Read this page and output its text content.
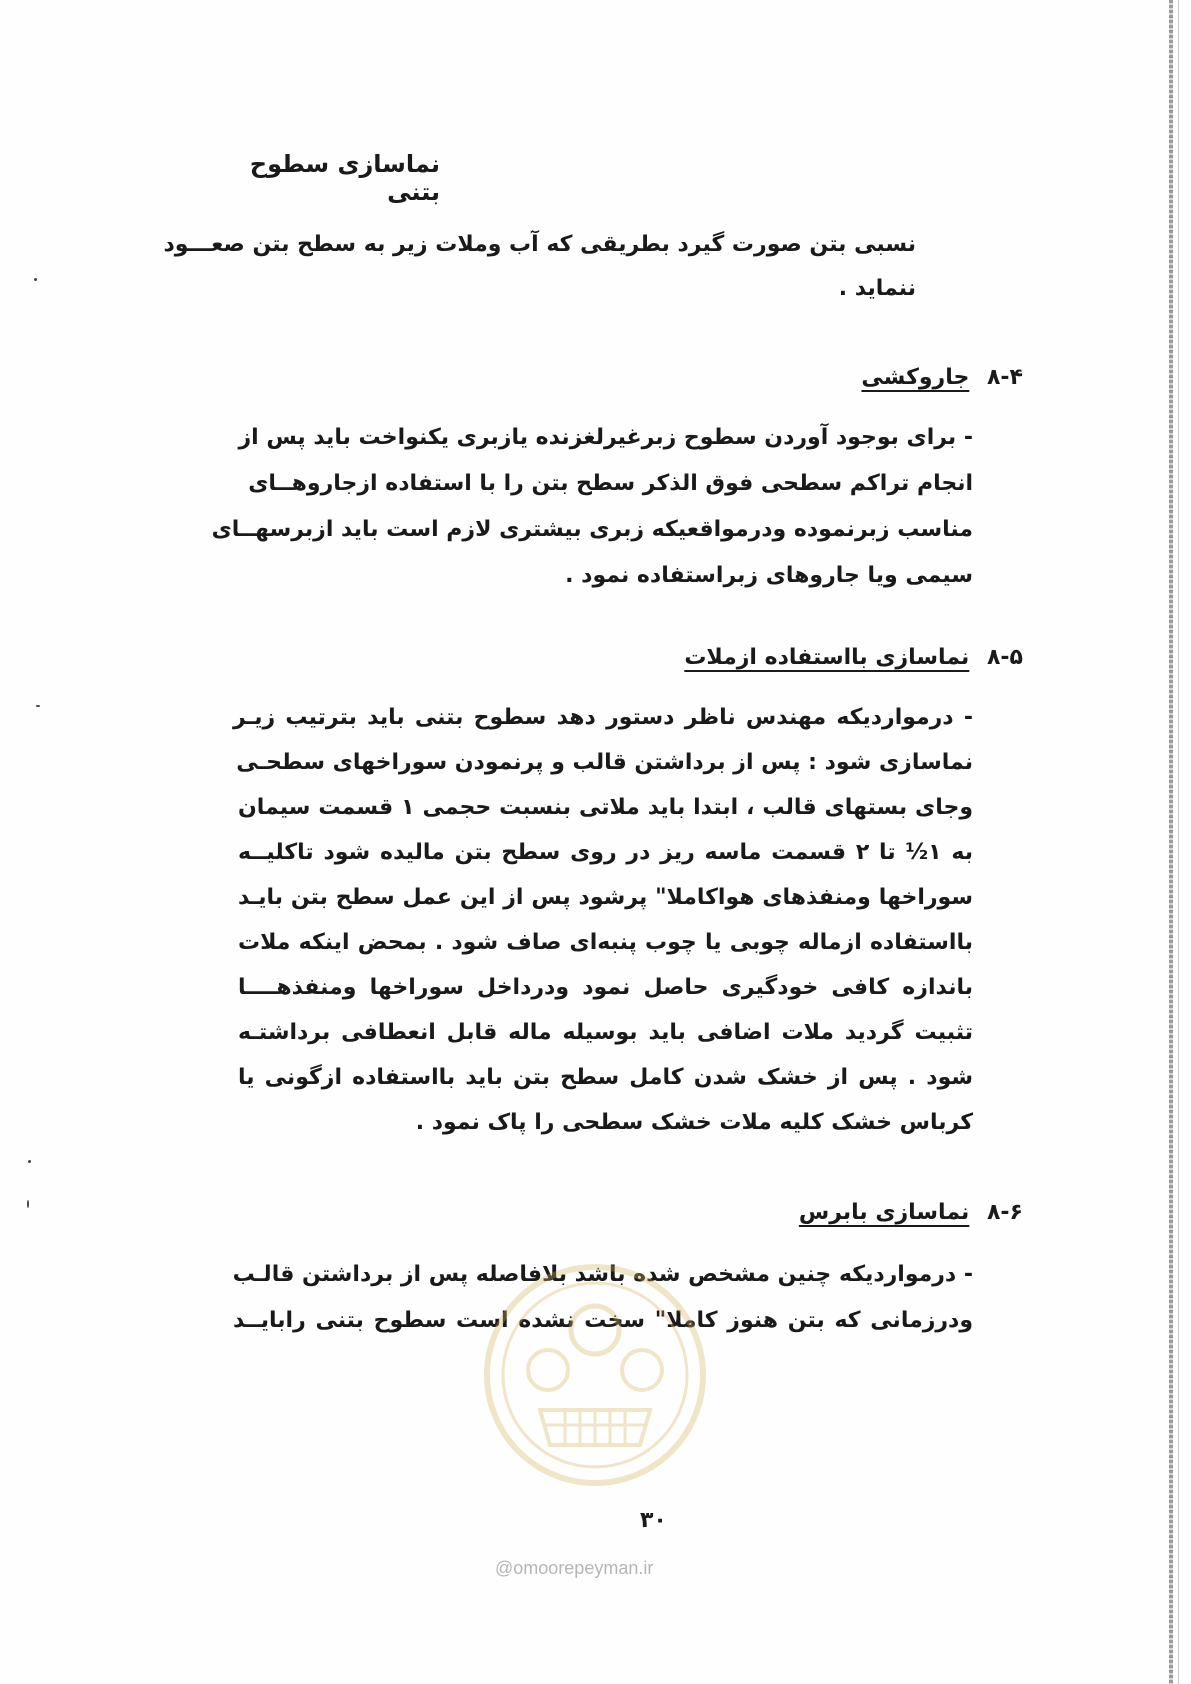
نماسازی سطوح بتنی
نسبی بتن صورت گیرد بطریقی که آب وملات زیر به سطح بتن صعـــود
ننماید .
۸-۴ جاروکشی
- برای بوجود آوردن سطوح زبرغیرلغزنده یازبری یکنواخت باید پس از
انجام تراکم سطحی فوق الذکر سطح بتن را با استفاده ازجاروهــای
مناسب زبرنموده ودرمواقعیکه زبری بیشتری لازم است باید ازبرسهــای
سیمی ویا جاروهای زبراستفاده نمود .
۸-۵ نماسازی بااستفاده ازملات
- درمواردیکه مهندس ناظر دستور دهد سطوح بتنی باید بترتیب زیـر
نماسازی شود : پس از برداشتن قالب و پرنمودن سوراخهای سطحـی
وجای بستهای قالب ، ابتدا باید ملاتی بنسبت حجمی ۱ قسمت سیمان
به ۱½ تا ۲ قسمت ماسه ریز در روی سطح بتن مالیده شود تاکلیــه
سوراخها ومنفذهای هواکاملا" پرشود پس از این عمل سطح بتن بایـد
بااستفاده ازماله چوبی یا چوب پنبه‌ای صاف شود . بمحض اینکه ملات
باندازه کافی خودگیری حاصل نمود ودرداخل سوراخها ومنفذهــــا
تثبیت گردید ملات اضافی باید بوسیله ماله قابل انعطافی برداشتـه
شود . پس از خشک شدن کامل سطح بتن باید بااستفاده ازگونی یا
کرباس خشک کلیه ملات خشک سطحی را پاک نمود .
۸-۶ نماسازی بابرس
- درمواردیکه چنین مشخص شده باشد بلافاصله پس از برداشتن قالـب
ودرزمانی که بتن هنوز کاملا" سخت نشده است سطوح بتنی رابایــد
۳۰
@omoorepeyman.ir
